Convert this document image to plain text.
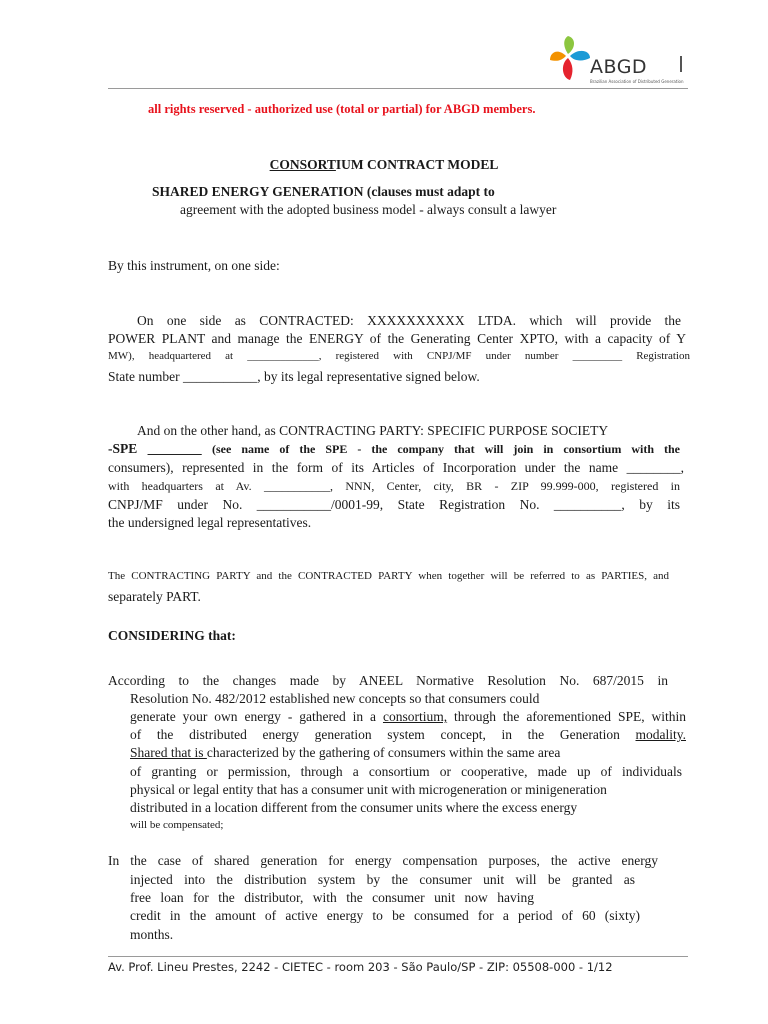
ABGD
Brazilian Association of Distributed Generation
all rights reserved - authorized use (total or partial) for ABGD members.
CONSORTIUM CONTRACT MODEL
SHARED ENERGY GENERATION (clauses must adapt to
agreement with the adopted business model - always consult a lawyer
By this instrument, on one side:
On one side as CONTRACTED: XXXXXXXXXX LTDA. which will provide the
POWER PLANT and manage the ENERGY of the Generating Center XPTO, with a capacity of Y
MW), headquartered at _____________, registered with CNPJ/MF under number _________ Registration
State number ___________, by its legal representative signed below.
And on the other hand, as CONTRACTING PARTY: SPECIFIC PURPOSE SOCIETY
-SPE ________ (see name of the SPE - the company that will join in consortium with the
consumers), represented in the form of its Articles of Incorporation under the name ________,
with headquarters at Av. ___________, NNN, Center, city, BR - ZIP 99.999-000, registered in
CNPJ/MF under No. ___________/0001-99, State Registration No. __________, by its
the undersigned legal representatives.
The CONTRACTING PARTY and the CONTRACTED PARTY when together will be referred to as PARTIES, and
separately PART.
CONSIDERING that:
According to the changes made by ANEEL Normative Resolution No. 687/2015 in
Resolution No. 482/2012 established new concepts so that consumers could
generate your own energy - gathered in a consortium, through the aforementioned SPE, within
of the distributed energy generation system concept, in the Generation modality.
Shared that is characterized by the gathering of consumers within the same area
of granting or permission, through a consortium or cooperative, made up of individuals
physical or legal entity that has a consumer unit with microgeneration or minigeneration
distributed in a location different from the consumer units where the excess energy
will be compensated;
In the case of shared generation for energy compensation purposes, the active energy
injected into the distribution system by the consumer unit will be granted as
free loan for the distributor, with the consumer unit now having
credit in the amount of active energy to be consumed for a period of 60 (sixty)
months.
Av. Prof. Lineu Prestes, 2242 - CIETEC - room 203 - São Paulo/SP - ZIP: 05508-000 - 1/12
